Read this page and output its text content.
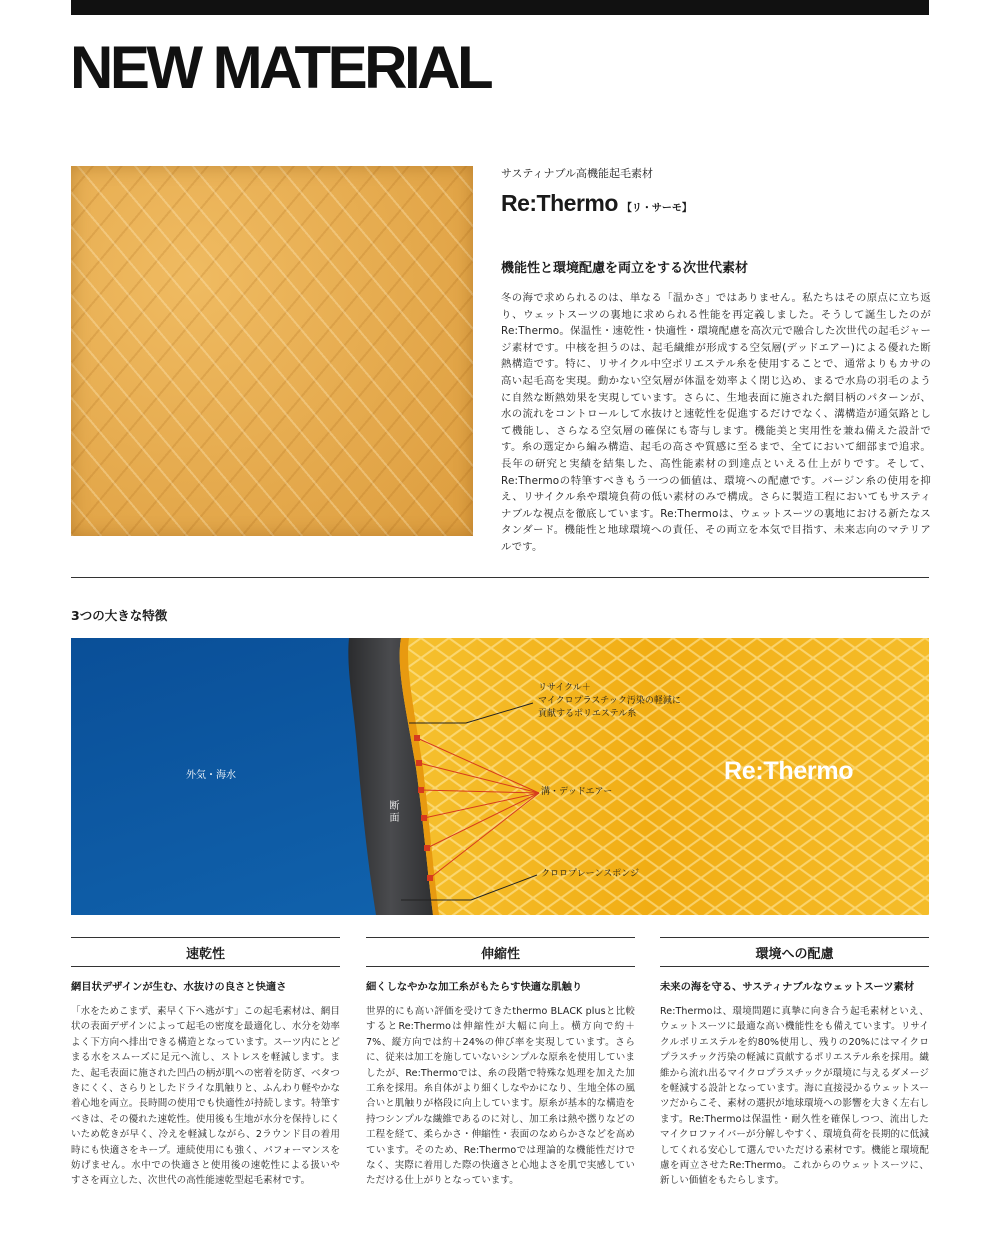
NEW MATERIAL

サスティナブル高機能起毛素材

Re:Thermo 【リ・サーモ】
機能性と環境配慮を両立をする次世代素材

冬の海で求められるのは、単なる「温かさ」ではありません。私たちはその原点に立ち返り、ウェットスーツの裏地に求められる性能を再定義しました。そうして誕生したのがRe:Thermo。保温性・速乾性・快適性・環境配慮を高次元で融合した次世代の起毛ジャージ素材です。中核を担うのは、起毛繊維が形成する空気層(デッドエアー)による優れた断熱構造です。特に、リサイクル中空ポリエステル糸を使用することで、通常よりもカサの高い起毛高を実現。動かない空気層が体温を効率よく閉じ込め、まるで水鳥の羽毛のように自然な断熱効果を実現しています。さらに、生地表面に施された網目柄のパターンが、水の流れをコントロールして水抜けと速乾性を促進するだけでなく、溝構造が通気路として機能し、さらなる空気層の確保にも寄与します。機能美と実用性を兼ね備えた設計です。糸の選定から編み構造、起毛の高さや質感に至るまで、全てにおいて細部まで追求。長年の研究と実績を結集した、高性能素材の到達点といえる仕上がりです。そして、Re:Thermoの特筆すべきもう一つの価値は、環境への配慮です。バージン糸の使用を抑え、リサイクル糸や環境負荷の低い素材のみで構成。さらに製造工程においてもサスティナブルな視点を徹底しています。Re:Thermoは、ウェットスーツの裏地における新たなスタンダード。機能性と地球環境への責任、その両立を本気で目指す、未来志向のマテリアルです。

3つの大きな特徴
外気・海水
断面
リサイクル＋
マイクロプラスチック汚染の軽減に
貢献するポリエステル糸
溝・デッドエアー
クロロプレーンスポンジ
Re:Thermo
速乾性

網目状デザインが生む、水抜けの良さと快適さ

「水をためこまず、素早く下へ逃がす」この起毛素材は、網目状の表面デザインによって起毛の密度を最適化し、水分を効率よく下方向へ排出できる構造となっています。スーツ内にとどまる水をスムーズに足元へ流し、ストレスを軽減します。また、起毛表面に施された凹凸の柄が肌への密着を防ぎ、ベタつきにくく、さらりとしたドライな肌触りと、ふんわり軽やかな着心地を両立。長時間の使用でも快適性が持続します。特筆すべきは、その優れた速乾性。使用後も生地が水分を保持しにくいため乾きが早く、冷えを軽減しながら、2ラウンド目の着用時にも快適さをキープ。連続使用にも強く、パフォーマンスを妨げません。水中での快適さと使用後の速乾性による扱いやすさを両立した、次世代の高性能速乾型起毛素材です。

伸縮性

細くしなやかな加工糸がもたらす快適な肌触り

世界的にも高い評価を受けてきたthermo BLACK plusと比較するとRe:Thermoは伸縮性が大幅に向上。横方向で約＋7%、縦方向では約＋24%の伸び率を実現しています。さらに、従来は加工を施していないシンプルな原糸を使用していましたが、Re:Thermoでは、糸の段階で特殊な処理を加えた加工糸を採用。糸自体がより細くしなやかになり、生地全体の風合いと肌触りが格段に向上しています。原糸が基本的な構造を持つシンプルな繊維であるのに対し、加工糸は熱や撚りなどの工程を経て、柔らかさ・伸縮性・表面のなめらかさなどを高めています。そのため、Re:Thermoでは理論的な機能性だけでなく、実際に着用した際の快適さと心地よさを肌で実感していただける仕上がりとなっています。

環境への配慮

未来の海を守る、サスティナブルなウェットスーツ素材

Re:Thermoは、環境問題に真摯に向き合う起毛素材といえ、ウェットスーツに最適な高い機能性をも備えています。リサイクルポリエステルを約80%使用し、残りの20%にはマイクロプラスチック汚染の軽減に貢献するポリエステル糸を採用。繊維から流れ出るマイクロプラスチックが環境に与えるダメージを軽減する設計となっています。海に直接浸かるウェットスーツだからこそ、素材の選択が地球環境への影響を大きく左右します。Re:Thermoは保温性・耐久性を確保しつつ、流出したマイクロファイバーが分解しやすく、環境負荷を長期的に低減してくれる安心して選んでいただける素材です。機能と環境配慮を両立させたRe:Thermo。これからのウェットスーツに、新しい価値をもたらします。
